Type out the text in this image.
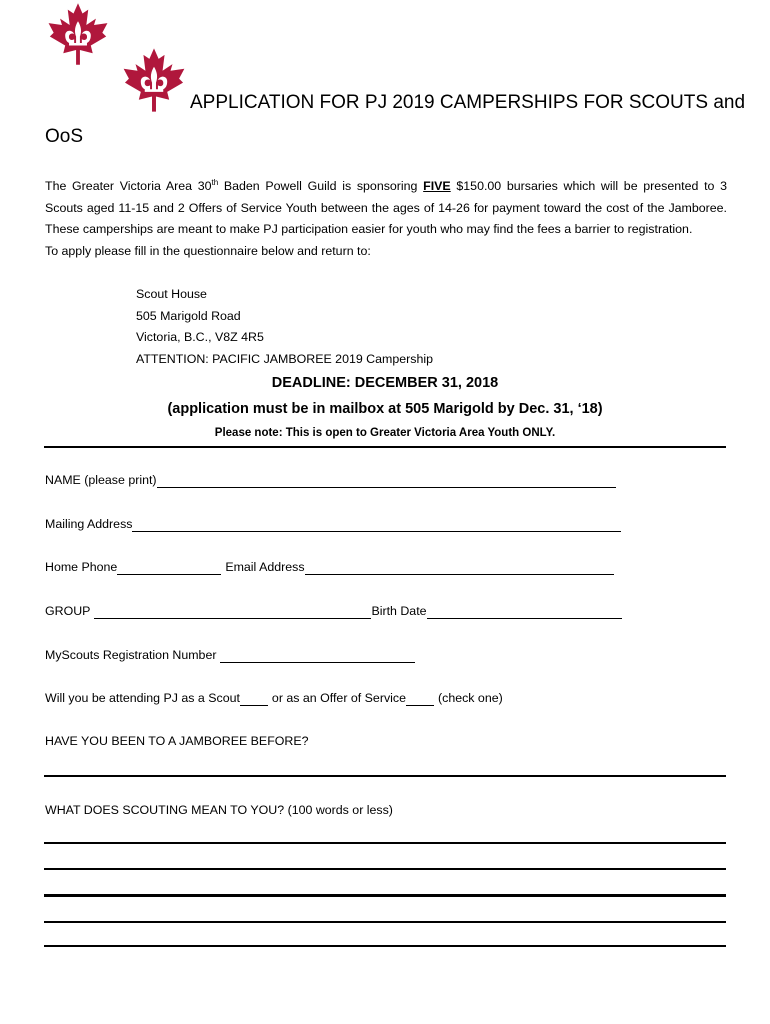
APPLICATION FOR PJ 2019 CAMPERSHIPS FOR SCOUTS and
OoS

The Greater Victoria Area 30th Baden Powell Guild is sponsoring FIVE $150.00 bursaries which will be presented to 3 Scouts aged 11-15 and 2 Offers of Service Youth between the ages of 14-26 for payment toward the cost of the Jamboree. These camperships are meant to make PJ participation easier for youth who may find the fees a barrier to registration.

To apply please fill in the questionnaire below and return to:

Scout House
505 Marigold Road
Victoria, B.C., V8Z 4R5
ATTENTION: PACIFIC JAMBOREE 2019 Campership
DEADLINE: DECEMBER 31, 2018
(application must be in mailbox at 505 Marigold by Dec. 31, ‘18)
Please note: This is open to Greater Victoria Area Youth ONLY.
NAME (please print)
Mailing Address
Home Phone	Email Address
GROUP	Birth Date
MyScouts Registration Number
Will you be attending PJ as a Scout	or as an Offer of Service	(check one)
HAVE YOU BEEN TO A JAMBOREE BEFORE?
WHAT DOES SCOUTING MEAN TO YOU? (100 words or less)
